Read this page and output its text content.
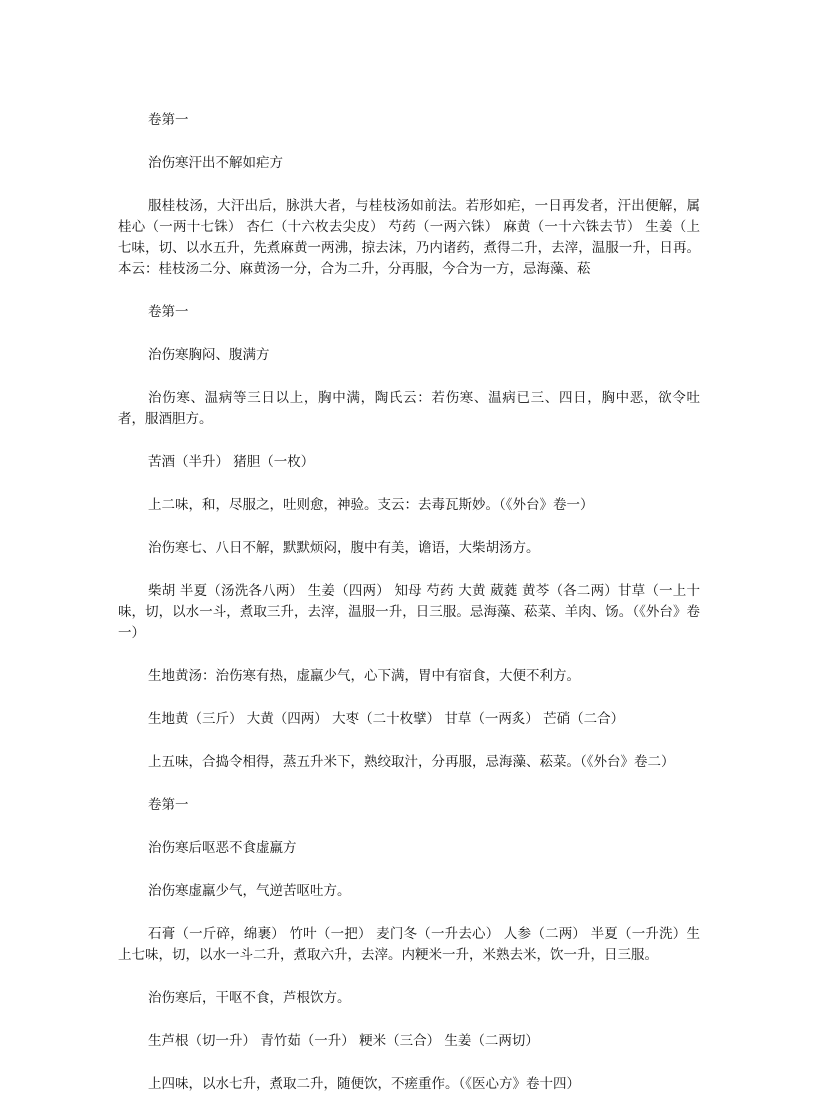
卷第一

治伤寒汗出不解如疟方

服桂枝汤，大汗出后，脉洪大者，与桂枝汤如前法。若形如疟，一日再发者，汗出便解，属桂心（一两十七铢） 杏仁（十六枚去尖皮） 芍药（一两六铢） 麻黄（一十六铢去节） 生姜（上七味，切、以水五升，先煮麻黄一两沸，掠去沫，乃内诸药，煮得二升，去滓，温服一升，日再。本云：桂枝汤二分、麻黄汤一分，合为二升，分再服，今合为一方，忌海藻、菘

卷第一

治伤寒胸闷、腹满方

治伤寒、温病等三日以上，胸中满，陶氏云：若伤寒、温病已三、四日，胸中恶，欲令吐者，服酒胆方。

苦酒（半升） 猪胆（一枚）

上二味，和，尽服之，吐则愈，神验。支云：去毒瓦斯妙。（《外台》卷一）

治伤寒七、八日不解，默默烦闷，腹中有美，谵语，大柴胡汤方。

柴胡 半夏（汤洗各八两） 生姜（四两） 知母 芍药 大黄 葳蕤 黄芩（各二两）甘草（一上十味，切，以水一斗，煮取三升，去滓，温服一升，日三服。忌海藻、菘菜、羊肉、饧。（《外台》卷一）

生地黄汤：治伤寒有热，虚羸少气，心下满，胃中有宿食，大便不利方。

生地黄（三斤） 大黄（四两） 大枣（二十枚擘） 甘草（一两炙） 芒硝（二合）

上五味，合捣令相得，蒸五升米下，熟绞取汁，分再服，忌海藻、菘菜。（《外台》卷二）

卷第一

治伤寒后呕恶不食虚羸方

治伤寒虚羸少气，气逆苦呕吐方。

石膏（一斤碎，绵裹） 竹叶（一把） 麦门冬（一升去心） 人参（二两） 半夏（一升洗）生上七味，切，以水一斗二升，煮取六升，去滓。内粳米一升，米熟去米，饮一升，日三服。

治伤寒后，干呕不食，芦根饮方。

生芦根（切一升） 青竹茹（一升） 粳米（三合） 生姜（二两切）

上四味，以水七升，煮取二升，随便饮，不瘥重作。（《医心方》卷十四）
